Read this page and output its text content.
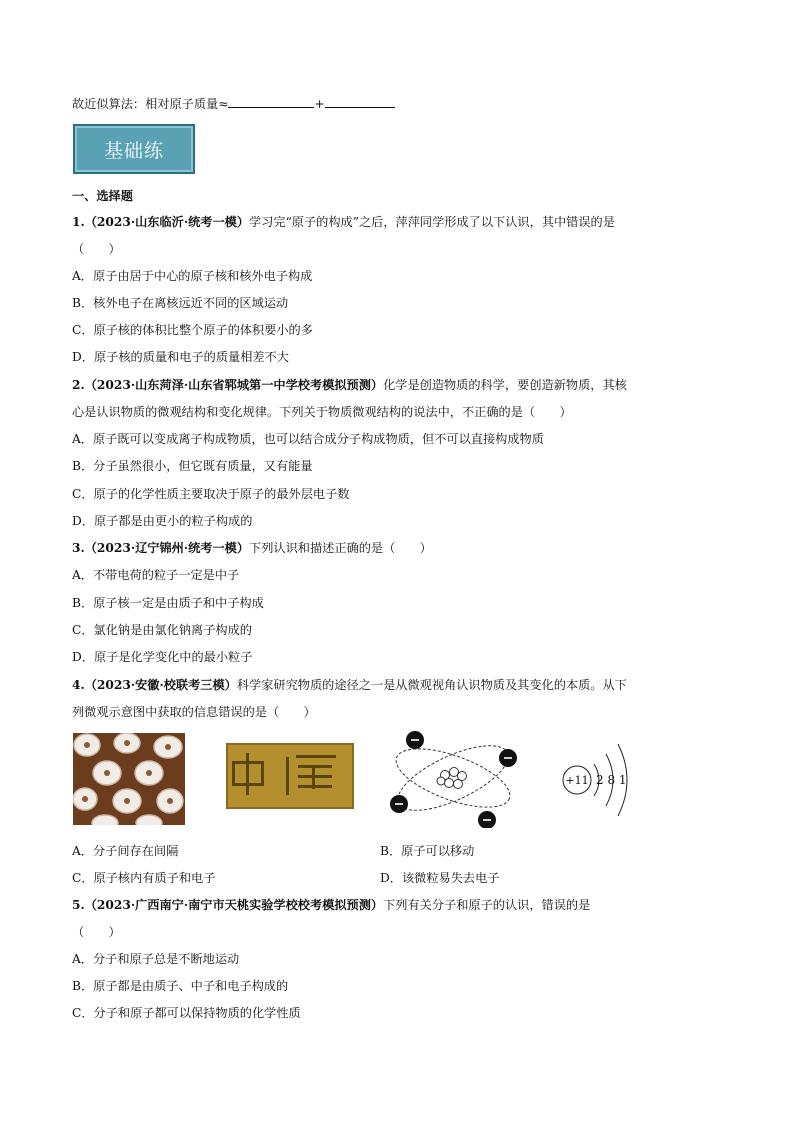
故近似算法：相对原子质量≈	+
基础练
一、选择题
1.（2023·山东临沂·统考一模）学习完“原子的构成”之后，萍萍同学形成了以下认识，其中错误的是
（　　）
A．原子由居于中心的原子核和核外电子构成
B．核外电子在离核远近不同的区域运动
C．原子核的体积比整个原子的体积要小的多
D．原子核的质量和电子的质量相差不大
2.（2023·山东菏泽·山东省郓城第一中学校考模拟预测）化学是创造物质的科学，要创造新物质，其核
心是认识物质的微观结构和变化规律。下列关于物质微观结构的说法中，不正确的是（　　）
A．原子既可以变成离子构成物质，也可以结合成分子构成物质，但不可以直接构成物质
B．分子虽然很小，但它既有质量，又有能量
C．原子的化学性质主要取决于原子的最外层电子数
D．原子都是由更小的粒子构成的
3.（2023·辽宁锦州·统考一模）下列认识和描述正确的是（　　）
A．不带电荷的粒子一定是中子
B．原子核一定是由质子和中子构成
C．氯化钠是由氯化钠离子构成的
D．原子是化学变化中的最小粒子
4.（2023·安徽·校联考三模）科学家研究物质的途径之一是从微观视角认识物质及其变化的本质。从下
列微观示意图中获取的信息错误的是（　　）
+11 2 8 1
A．分子间存在间隔	B．原子可以移动
C．原子核内有质子和电子	D．该微粒易失去电子
5.（2023·广西南宁·南宁市天桃实验学校校考模拟预测）下列有关分子和原子的认识，错误的是
（　　）
A．分子和原子总是不断地运动
B．原子都是由质子、中子和电子构成的
C．分子和原子都可以保持物质的化学性质
